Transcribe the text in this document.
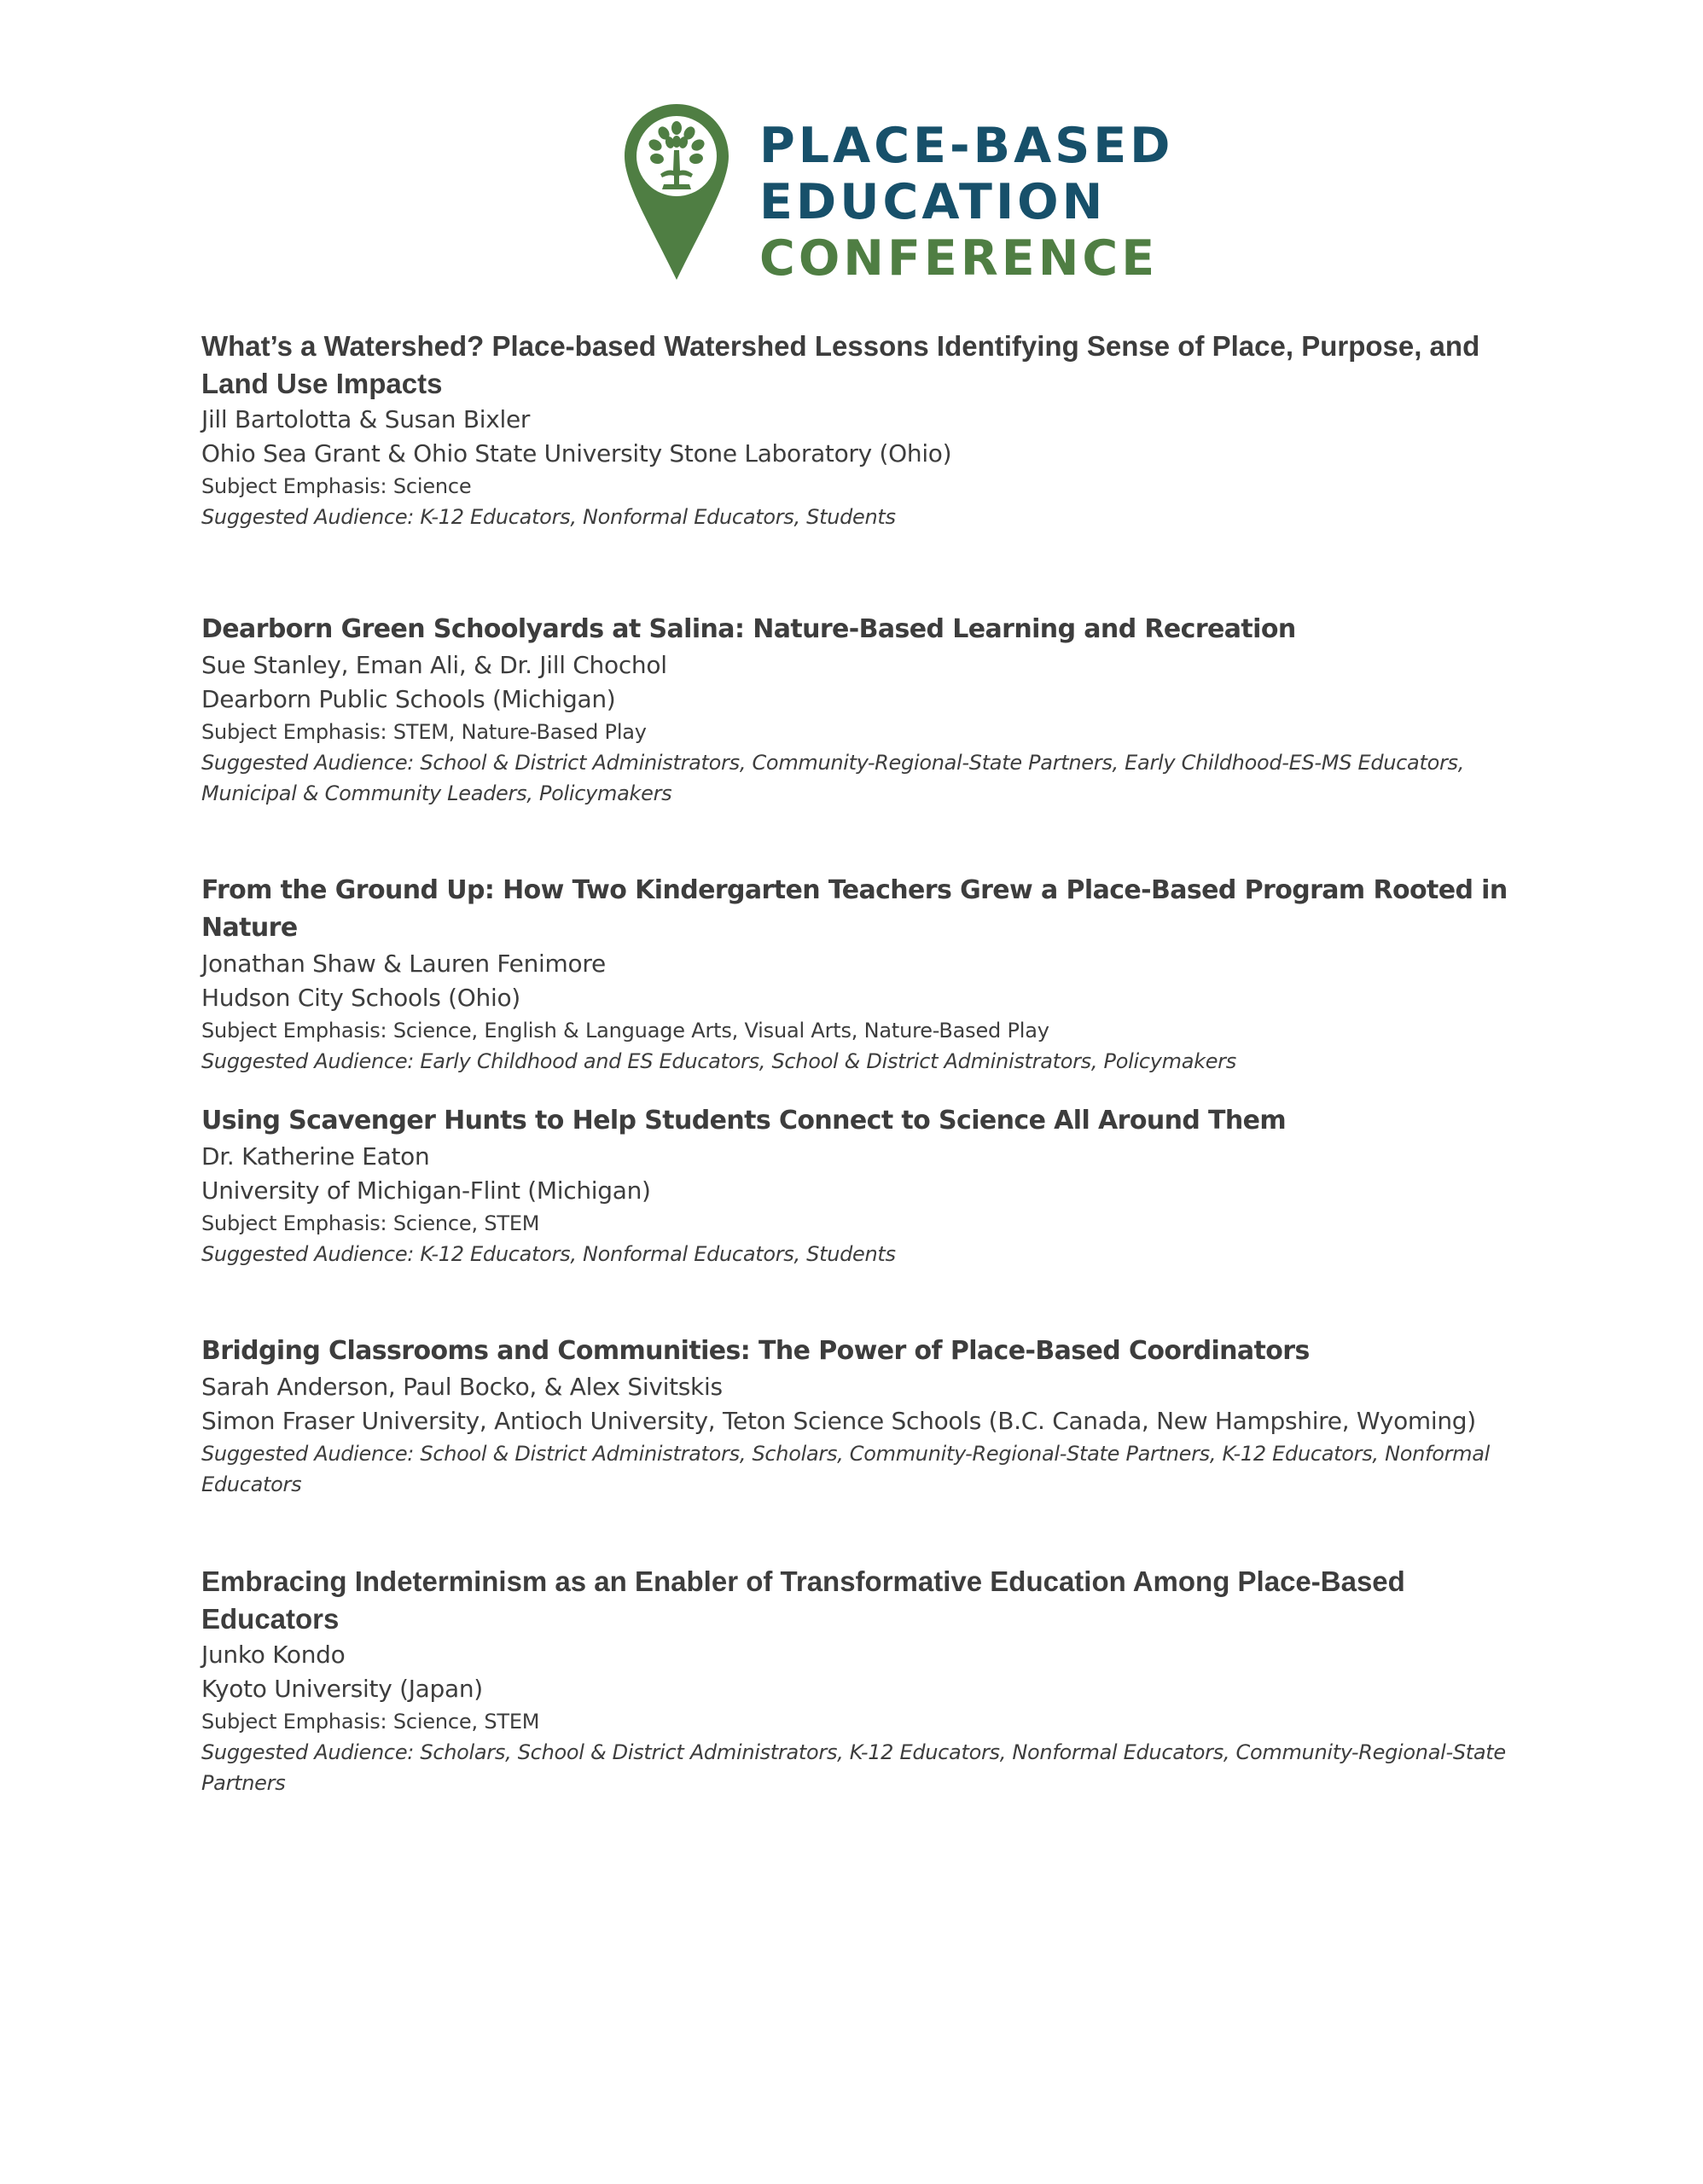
PLACE-BASED
EDUCATION
CONFERENCE
What’s a Watershed? Place-based Watershed Lessons Identifying Sense of Place, Purpose, and Land Use Impacts
Jill Bartolotta & Susan Bixler
Ohio Sea Grant & Ohio State University Stone Laboratory (Ohio)
Subject Emphasis: Science
Suggested Audience: K-12 Educators, Nonformal Educators, Students
Dearborn Green Schoolyards at Salina: Nature-Based Learning and Recreation
Sue Stanley, Eman Ali, & Dr. Jill Chochol
Dearborn Public Schools (Michigan)
Subject Emphasis: STEM, Nature-Based Play
Suggested Audience: School & District Administrators, Community-Regional-State Partners, Early Childhood-ES-MS Educators, Municipal & Community Leaders, Policymakers
From the Ground Up: How Two Kindergarten Teachers Grew a Place-Based Program Rooted in Nature
Jonathan Shaw & Lauren Fenimore
Hudson City Schools (Ohio)
Subject Emphasis: Science, English & Language Arts, Visual Arts, Nature-Based Play
Suggested Audience: Early Childhood and ES Educators, School & District Administrators, Policymakers
Using Scavenger Hunts to Help Students Connect to Science All Around Them
Dr. Katherine Eaton
University of Michigan-Flint (Michigan)
Subject Emphasis: Science, STEM
Suggested Audience: K-12 Educators, Nonformal Educators, Students
Bridging Classrooms and Communities: The Power of Place-Based Coordinators
Sarah Anderson, Paul Bocko, & Alex Sivitskis
Simon Fraser University, Antioch University, Teton Science Schools (B.C. Canada, New Hampshire, Wyoming)
Suggested Audience: School & District Administrators, Scholars, Community-Regional-State Partners, K-12 Educators, Nonformal Educators
Embracing Indeterminism as an Enabler of Transformative Education Among Place-Based Educators
Junko Kondo
Kyoto University (Japan)
Subject Emphasis: Science, STEM
Suggested Audience: Scholars, School & District Administrators, K-12 Educators, Nonformal Educators, Community-Regional-State Partners
